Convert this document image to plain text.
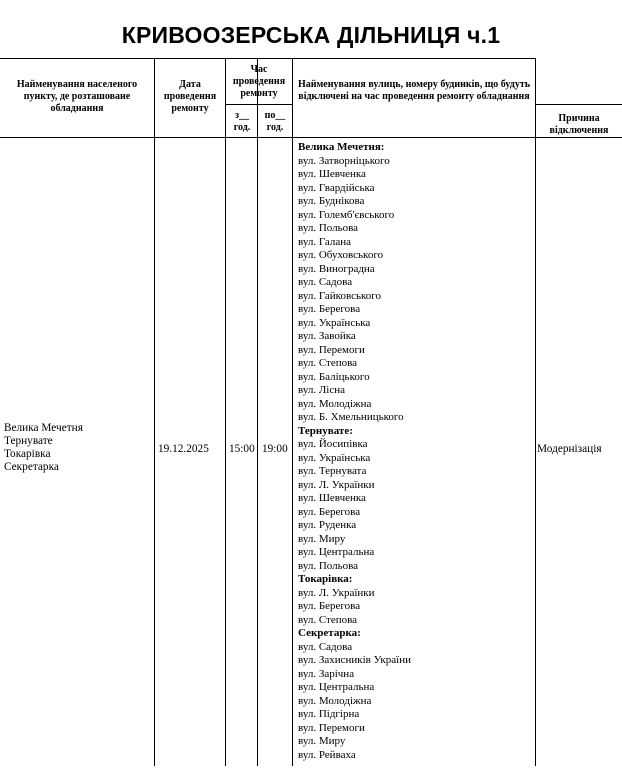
КРИВООЗЕРСЬКА ДІЛЬНИЦЯ ч.1
Найменування населеного пункту, де розташоване обладнання
Дата проведення ремонту
Час проведення ремонту
з__ год.
по__ год.
Найменування вулиць, номеру будинків, що будуть відключені на час проведення ремонту обладнання
Причина відключення
Велика Мечетня
Тернувате
Токарівка
Секретарка
19.12.2025 15:00 19:00	Модернізація
Велика Мечетня:
вул. Затворніцького
вул. Шевченка
вул. Гвардійська
вул. Буднікова
вул. Големб'євського
вул. Польова
вул. Галана
вул. Обуховського
вул. Виноградна
вул. Садова
вул. Гайковського
вул. Берегова
вул. Українська
вул. Завойка
вул. Перемоги
вул. Степова
вул. Баліцького
вул. Лісна
вул. Молодіжна
вул. Б. Хмельницького
Тернувате:
вул. Йосипівка
вул. Українська
вул. Тернувата
вул. Л. Українки
вул. Шевченка
вул. Берегова
вул. Руденка
вул. Миру
вул. Центральна
вул. Польова
Токарівка:
вул. Л. Українки
вул. Берегова
вул. Степова
Секретарка:
вул. Садова
вул. Захисників України
вул. Зарічна
вул. Центральна
вул. Молодіжна
вул. Підгірна
вул. Перемоги
вул. Миру
вул. Рейваха
